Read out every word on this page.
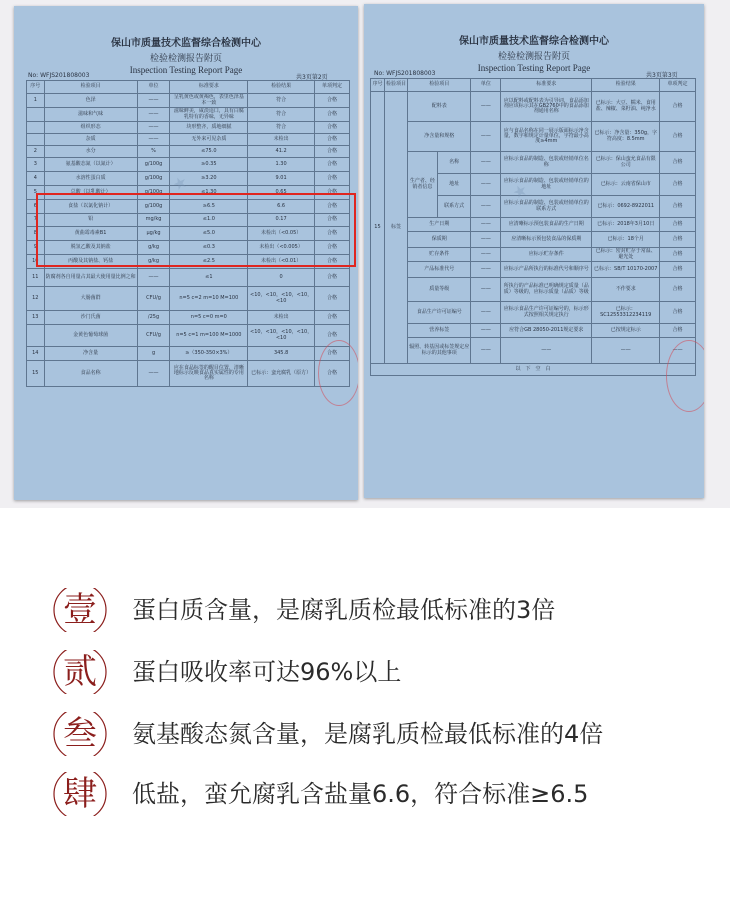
保山市质量技术监督综合检测中心
检验检测报告附页
Inspection Testing Report Page
No: WFJS201808003	共3页第2页
序号	检验项目	单位	标准要求	检验结果	单项判定
1	色泽	——	呈乳黄色或黄褐色，表里色泽基本一致	符合	合格
	滋味和气味	——	滋味鲜美，咸淡适口，具有白腐乳特有的香味，无异味	符合	合格
	组织形态	——	块形整齐，质地细腻	符合	合格
	杂质	——	无外来可见杂质	未检出	合格
2	水分	%	≤75.0	41.2	合格
3	氨基酸态氮（以氮计）	g/100g	≥0.35	1.30	合格
4	水溶性蛋白质	g/100g	≥3.20	9.01	合格
5	总酸（以乳酸计）	g/100g	≤1.30	0.65	合格
6	食盐（以氯化钠计）	g/100g	≥6.5	6.6	合格
7	铅	mg/kg	≤1.0	0.17	合格
8	黄曲霉毒素B1	μg/kg	≤5.0	未检出（<0.05）	合格
9	脱氢乙酸及其钠盐	g/kg	≤0.3	未检出（<0.005）	合格
10	丙酸及其钠盐、钙盐	g/kg	≤2.5	未检出（<0.01）	合格
11	防腐剂各自用量占其最大使用量比例之和	——	≤1	0	合格
12	大肠菌群	CFU/g	n=5 c=2 m=10 M=100	<10，<10，<10，<10，<10	合格
13	沙门氏菌	/25g	n=5 c=0 m=0	未检出	合格
	金黄色葡萄球菌	CFU/g	n=5 c=1 m=100 M=1000	<10，<10，<10，<10，<10	合格
14	净含量	g	≥（350-350×3%）	345.8	合格
15	食品名称	——	应在食品标签的醒目位置，清晰地标示反映食品真实属性的专用名称	已标示：蛮允腐乳（原方）	合格
★
保山市质量技术监督综合检测中心
检验检测报告附页
Inspection Testing Report Page
No: WFJS201808003	共3页第3页
序号	检验项目	检验项目		单位	标准要求	检验结果	单项判定
15	标签	配料表		——	应以配料或配料表为引导词，食品添加剂应该标示其在GB2760中的食品添加剂通用名称	已标示：大豆、糯米、食用盐、辣椒、菜籽油、纯净水	合格
		净含量和规格		——	应与食品名称在同一展示版面标示净含量，数字和规定计量单位，字符最小高度≥4mm	已标示：净含量：350g，字符高度：8.5mm	合格
		生产者、经销者信息	名称	——	应标示食品的制造、包装或经销单位名称	已标示：保山蛮允食品有限公司	合格
			地址	——	应标示食品的制造、包装或经销单位的地址	已标示：云南省保山市	合格
			联系方式	——	应标示食品的制造、包装或经销单位的联系方式	已标示：0692-8922011	合格
		生产日期		——	应清晰标示预包装食品的生产日期	已标示：2018年3月10日	合格
		保质期		——	应清晰标示预包装食品的保质期	已标示：18个月	合格
		贮存条件		——	应标示贮存条件	已标示：密封贮存于常温、避光处	合格
		产品标准代号		——	应标示产品所执行的标准代号和顺序号	已标示：SB/T 10170-2007	合格
		质量等级		——	所执行的产品标准已明确规定质量（品质）等级的，应标示质量（品质）等级	不作要求	合格
		食品生产许可证编号		——	应标示食品生产许可证编号的，标示形式按照相关规定执行	已标示：SC12553312234119	合格
		营养标签		——	应符合GB 28050-2011规定要求	已按规定标示	合格
		辐照、转基因或标签规定应标示的其他事项		——	——	——	——
以　下　空　白							
★
壹	蛋白质含量，是腐乳质检最低标准的3倍
贰	蛋白吸收率可达96%以上
叁	氨基酸态氮含量，是腐乳质检最低标准的4倍
肆	低盐，蛮允腐乳含盐量6.6，符合标准≥6.5
